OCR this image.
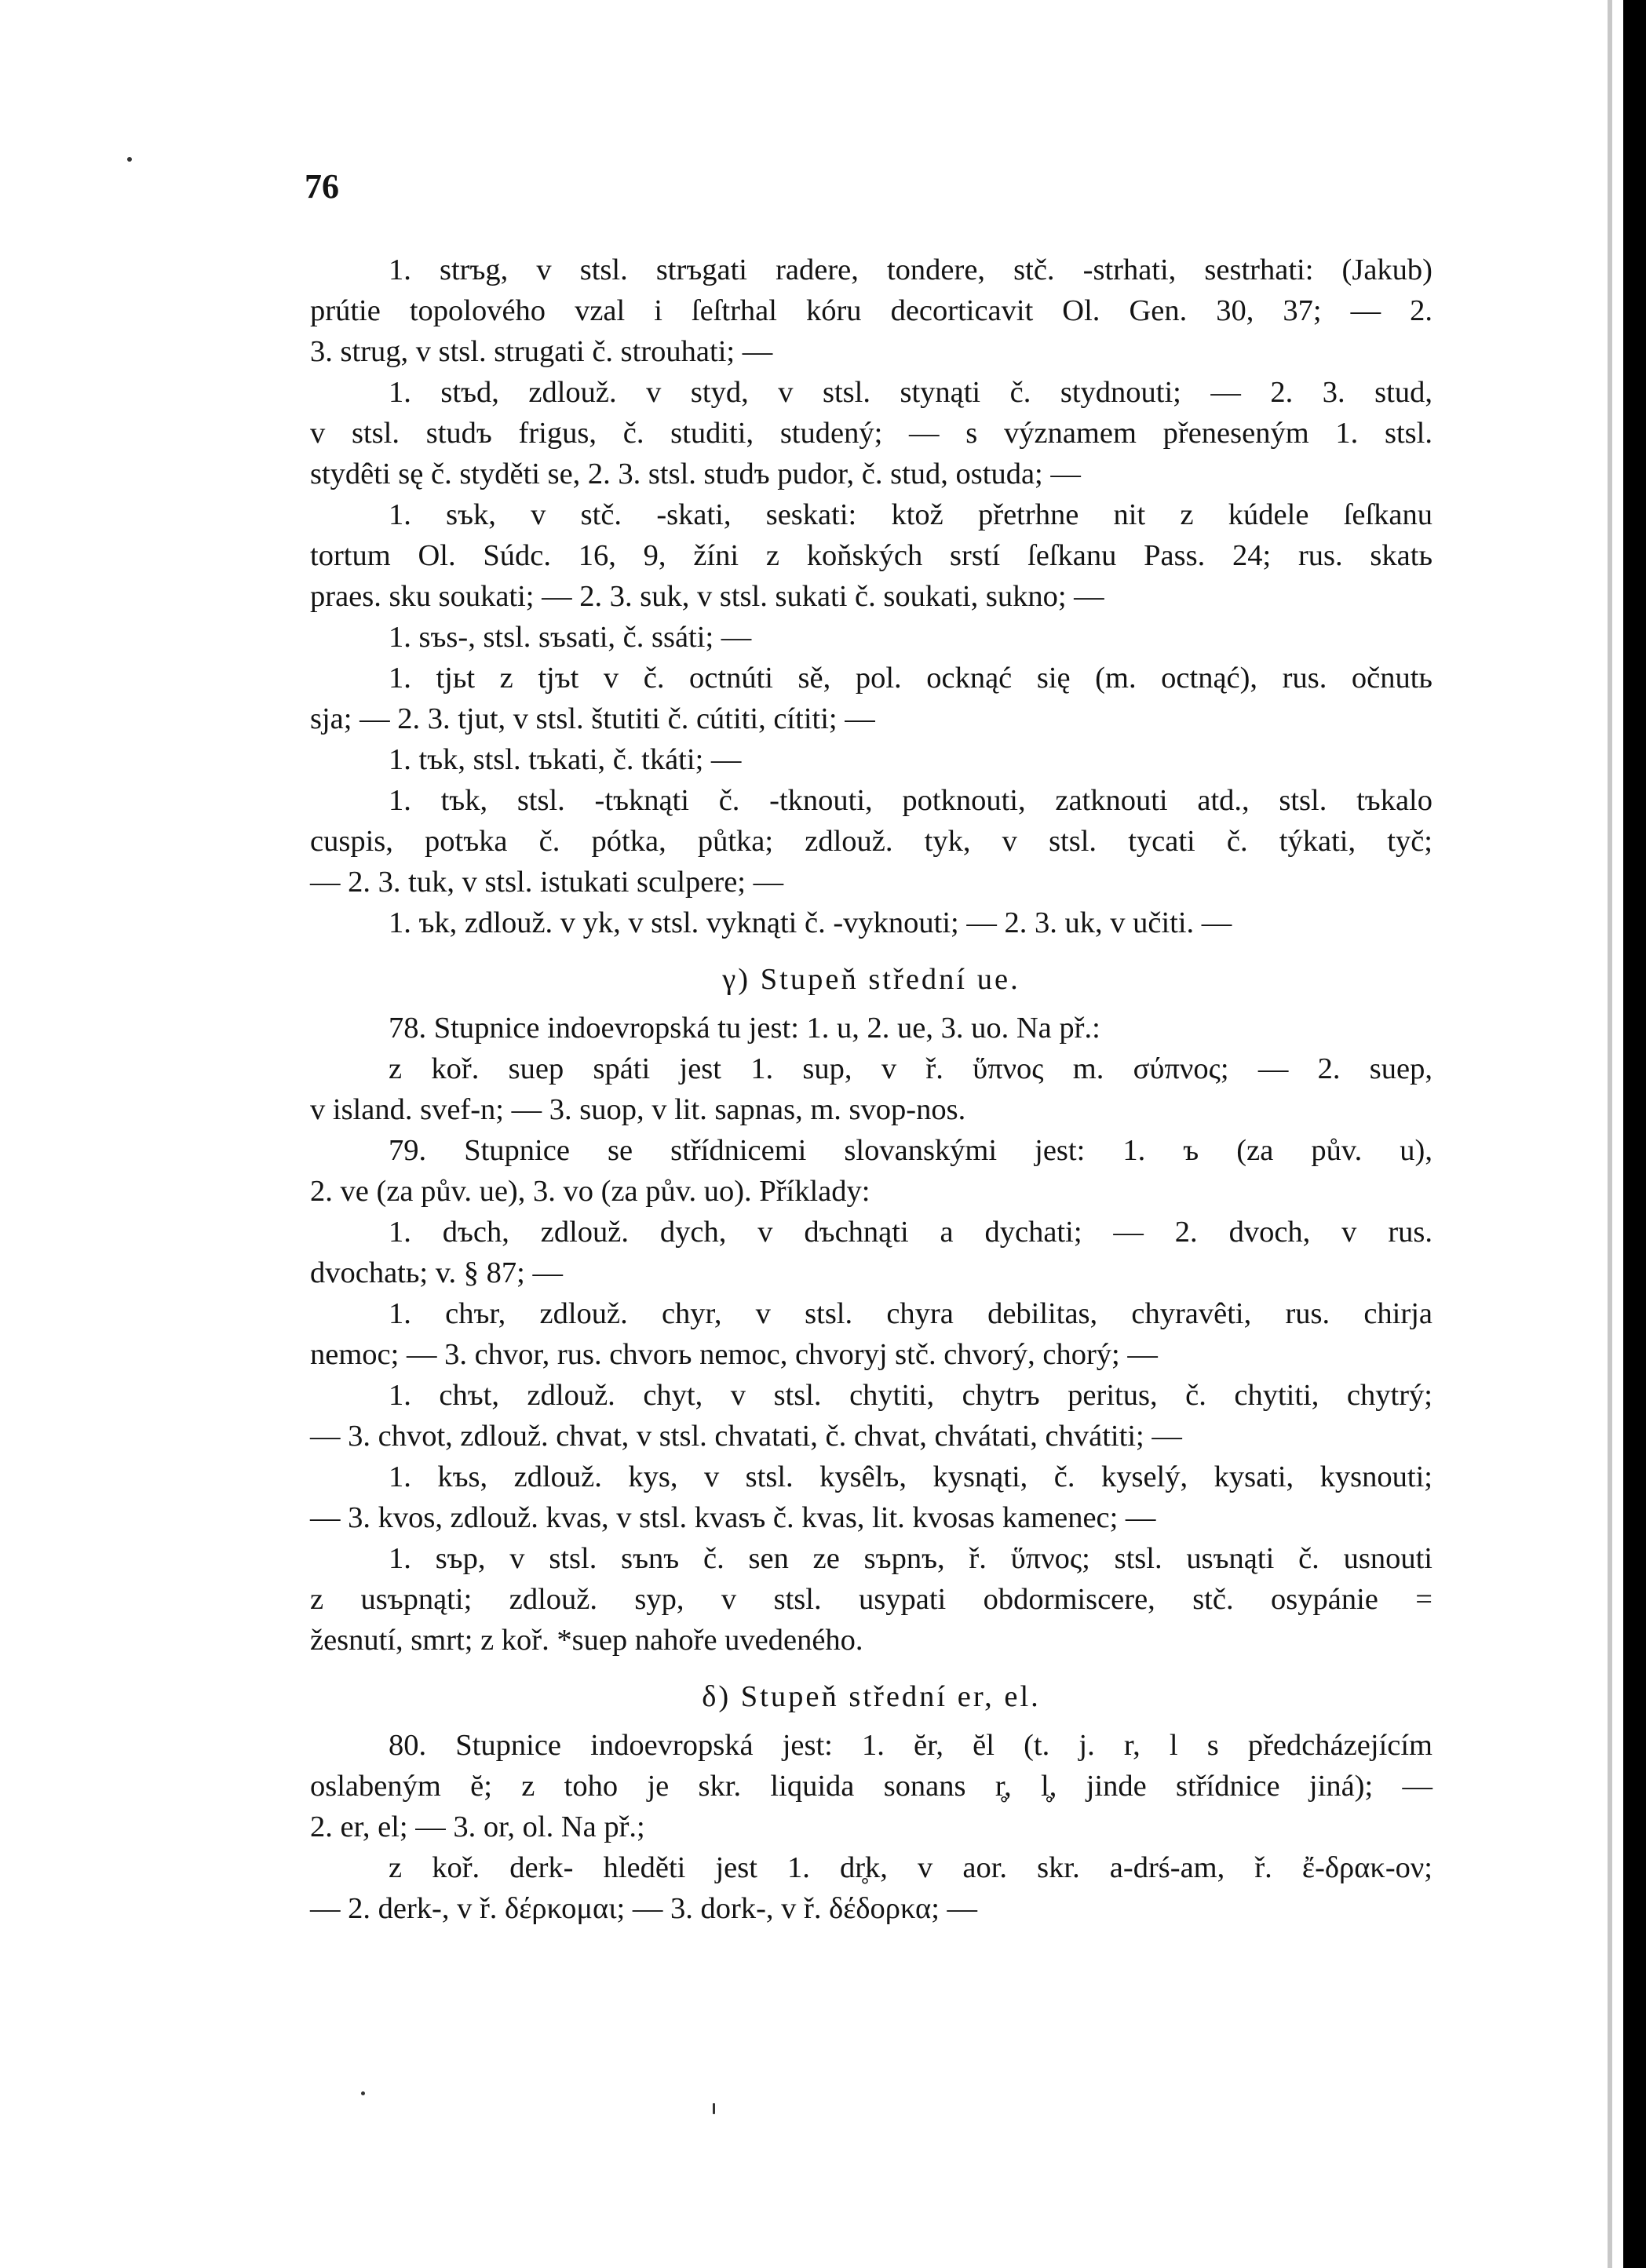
76
1. strъg, v stsl. strъgati radere, tondere, stč. -strhati, sestrhati: (Jakub)
prútie topolového vzal i ſeſtrhal kóru decorticavit Ol. Gen. 30, 37; — 2.
3. strug, v stsl. strugati č. strouhati; —
1. stъd, zdlouž. v styd, v stsl. stynąti č. stydnouti; — 2. 3. stud,
v stsl. studъ frigus, č. studiti, studený; — s významem přeneseným 1. stsl.
stydêti sę č. styděti se, 2. 3. stsl. studъ pudor, č. stud, ostuda; —
1. sъk, v stč. -skati, seskati: ktož přetrhne nit z kúdele ſeſkanu
tortum Ol. Súdc. 16, 9, žíni z koňských srstí ſeſkanu Pass. 24; rus. skatь
praes. sku soukati; — 2. 3. suk, v stsl. sukati č. soukati, sukno; —
1. sъs-, stsl. sъsati, č. ssáti; —
1. tjьt z tjъt v č. octnúti sě, pol. ocknąć się (m. octnąć), rus. očnutь
sja; — 2. 3. tjut, v stsl. štutiti č. cútiti, cítiti; —
1. tъk, stsl. tъkati, č. tkáti; —
1. tъk, stsl. -tъknąti č. -tknouti, potknouti, zatknouti atd., stsl. tъkalo
cuspis, potъka č. pótka, půtka; zdlouž. tyk, v stsl. tycati č. týkati, tyč;
— 2. 3. tuk, v stsl. istukati sculpere; —
1. ъk, zdlouž. v yk, v stsl. vyknąti č. -vyknouti; — 2. 3. uk, v učiti. —
γ) Stupeň střední ue.
78. Stupnice indoevropská tu jest: 1. u, 2. ue, 3. uo. Na př.:
z koř. suep spáti jest 1. sup, v ř. ὕπνος m. σύπνος; — 2. suep,
v island. svef-n; — 3. suop, v lit. sapnas, m. svop-nos.
79. Stupnice se střídnicemi slovanskými jest: 1. ъ (za pův. u),
2. ve (za pův. ue), 3. vo (za pův. uo). Příklady:
1. dъch, zdlouž. dych, v dъchnąti a dychati; — 2. dvoch, v rus.
dvochatь; v. § 87; —
1. chъr, zdlouž. chyr, v stsl. chyra debilitas, chyravêti, rus. chirja
nemoc; — 3. chvor, rus. chvorь nemoc, chvoryj stč. chvorý, chorý; —
1. chъt, zdlouž. chyt, v stsl. chytiti, chytrъ peritus, č. chytiti, chytrý;
— 3. chvot, zdlouž. chvat, v stsl. chvatati, č. chvat, chvátati, chvátiti; —
1. kъs, zdlouž. kys, v stsl. kysêlъ, kysnąti, č. kyselý, kysati, kysnouti;
— 3. kvos, zdlouž. kvas, v stsl. kvasъ č. kvas, lit. kvosas kamenec; —
1. sъp, v stsl. sъnъ č. sen ze sъpnъ, ř. ὕπνος; stsl. usъnąti č. usnouti
z usъpnąti; zdlouž. syp, v stsl. usypati obdormiscere, stč. osypánie =
žesnutí, smrt; z koř. *suep nahoře uvedeného.
δ) Stupeň střední er, el.
80. Stupnice indoevropská jest: 1. ĕr, ĕl (t. j. r, l s předcházejícím
oslabeným ĕ; z toho je skr. liquida sonans r̥, l̥, jinde střídnice jiná); —
2. er, el; — 3. or, ol. Na př.;
z koř. derk- hleděti jest 1. dr̥k, v aor. skr. a-drś-am, ř. ἔ-δρακ-ον;
— 2. derk-, v ř. δέρκομαι; — 3. dork-, v ř. δέδορκα; —
